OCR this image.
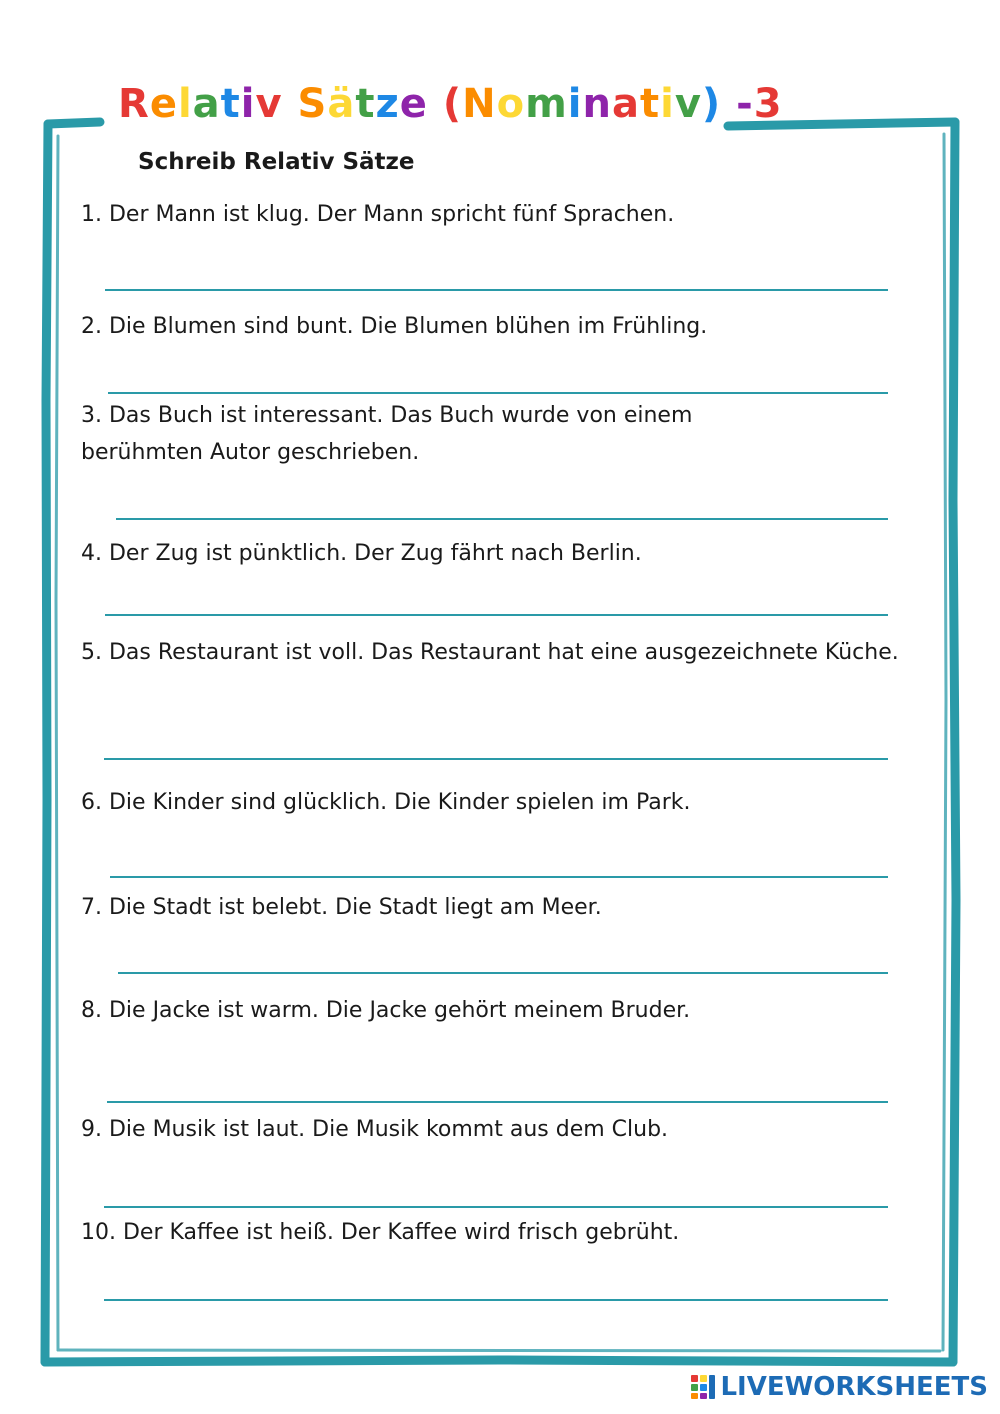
Relativ Sätze (Nominativ) -3
Schreib Relativ Sätze
1. Der Mann ist klug. Der Mann spricht fünf Sprachen.
2. Die Blumen sind bunt. Die Blumen blühen im Frühling.
3. Das Buch ist interessant. Das Buch wurde von einem berühmten Autor geschrieben.
4. Der Zug ist pünktlich. Der Zug fährt nach Berlin.
5. Das Restaurant ist voll. Das Restaurant hat eine ausgezeichnete Küche.
6. Die Kinder sind glücklich. Die Kinder spielen im Park.
7. Die Stadt ist belebt. Die Stadt liegt am Meer.
8. Die Jacke ist warm. Die Jacke gehört meinem Bruder.
9. Die Musik ist laut. Die Musik kommt aus dem Club.
10. Der Kaffee ist heiß. Der Kaffee wird frisch gebrüht.
LIVEWORKSHEETS
